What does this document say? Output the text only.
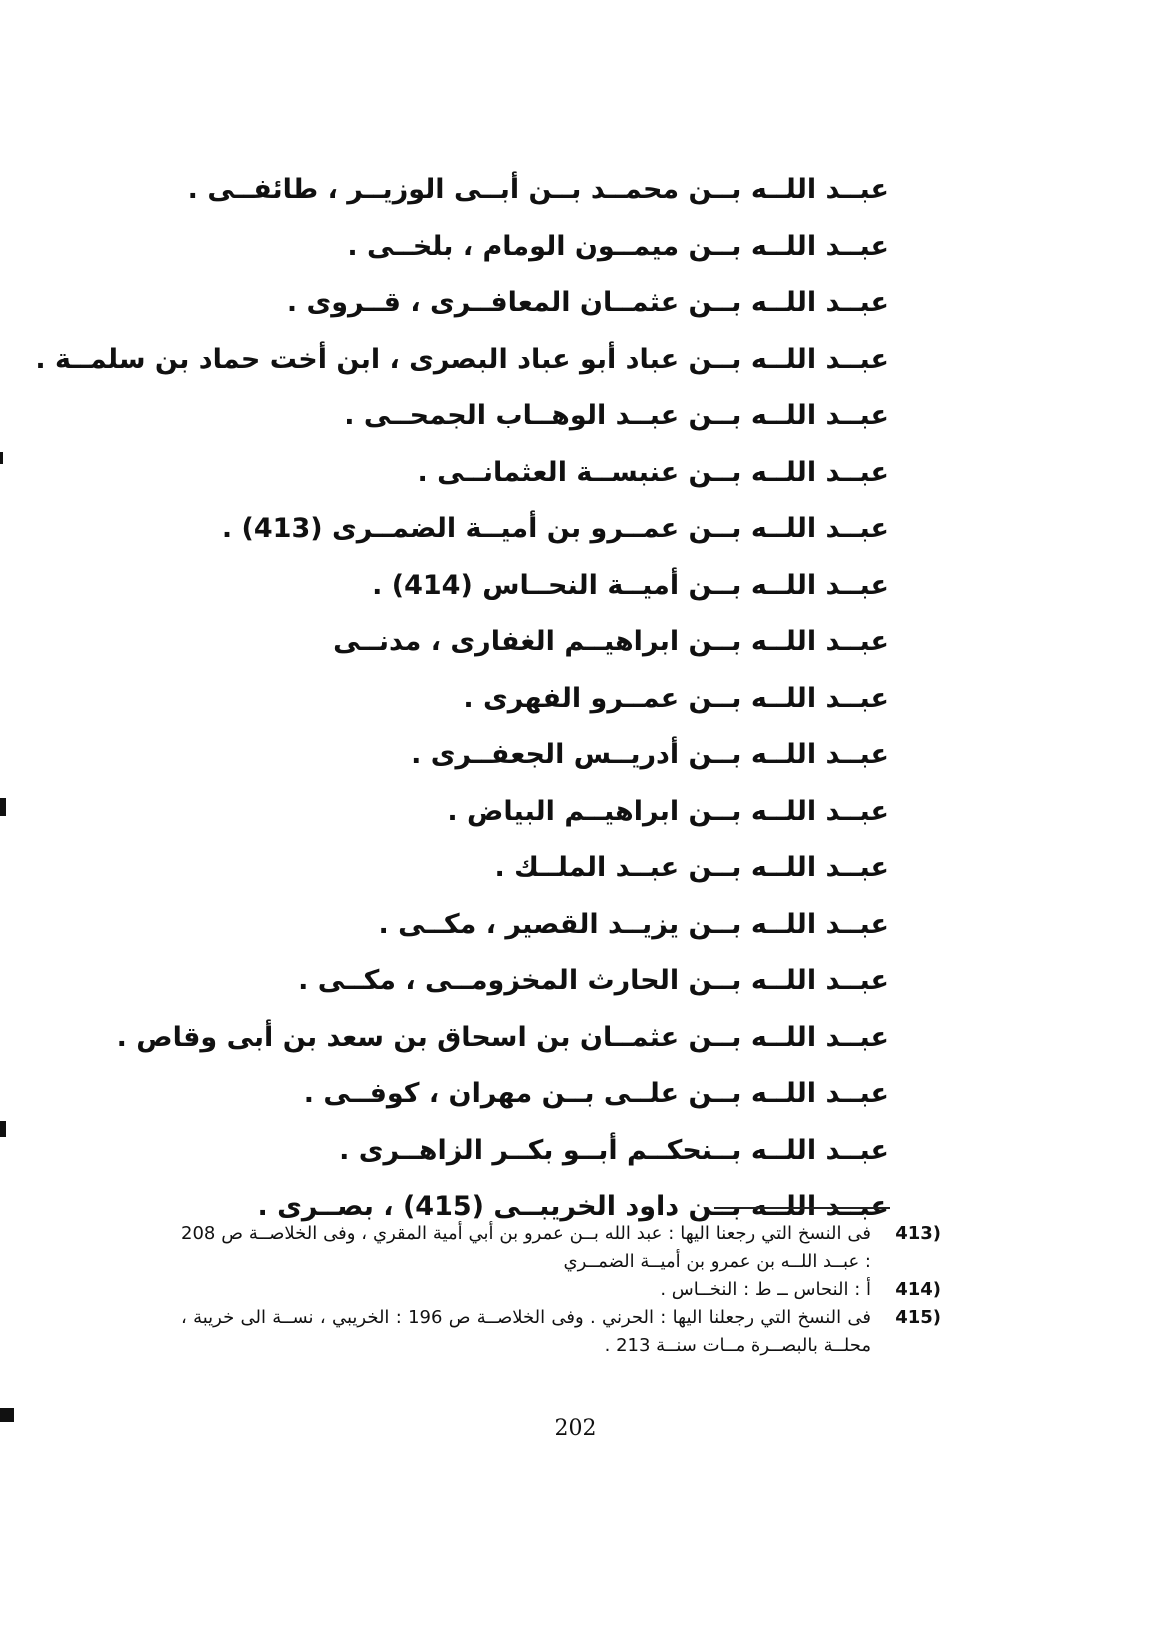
عبــد اللــه بــن محمــد بــن أبــى الوزيــر ، طائفــى .
عبــد اللــه بــن ميمــون الومام ، بلخــى .
عبــد اللــه بــن عثمــان المعافــرى ، قــروى .
عبــد اللــه بــن عباد أبو عباد البصرى ، ابن أخت حماد بن سلمــة .
عبــد اللــه بــن عبــد الوهــاب الجمحــى .
عبــد اللــه بــن عنبســة العثمانــى .
عبــد اللــه بــن عمــرو بن أميــة الضمــرى (413) .
عبــد اللــه بــن أميــة النحــاس (414) .
عبــد اللــه بــن ابراهيــم الغفارى ، مدنــى
عبــد اللــه بــن عمــرو الفهرى .
عبــد اللــه بــن أدريــس الجعفــرى .
عبــد اللــه بــن ابراهيــم البياض .
عبــد اللــه بــن عبــد الملــك .
عبــد اللــه بــن يزيــد القصير ، مكــى .
عبــد اللــه بــن الحارث المخزومــى ، مكــى .
عبــد اللــه بــن عثمــان بن اسحاق بن سعد بن أبى وقاص .
عبــد اللــه بــن علــى بــن مهران ، كوفــى .
عبــد اللــه بــنحكــم أبــو بكــر الزاهــرى .
عبــد اللــه بــن داود الخريبــى (415) ، بصــرى .
413)
فى النسخ التي رجعنا اليها : عبد الله بــن عمرو بن أبي أمية المقري ، وفى الخلاصــة ص 208 : عبــد اللــه بن عمرو بن أميــة الضمــري
414)
أ : النحاس ــ ط : النخــاس .
415)
فى النسخ التي رجعلنا اليها : الحرني . وفى الخلاصــة ص 196 : الخريبي ، نســة الى خريبة ، محلــة بالبصــرة مــات سنــة 213 .
202
